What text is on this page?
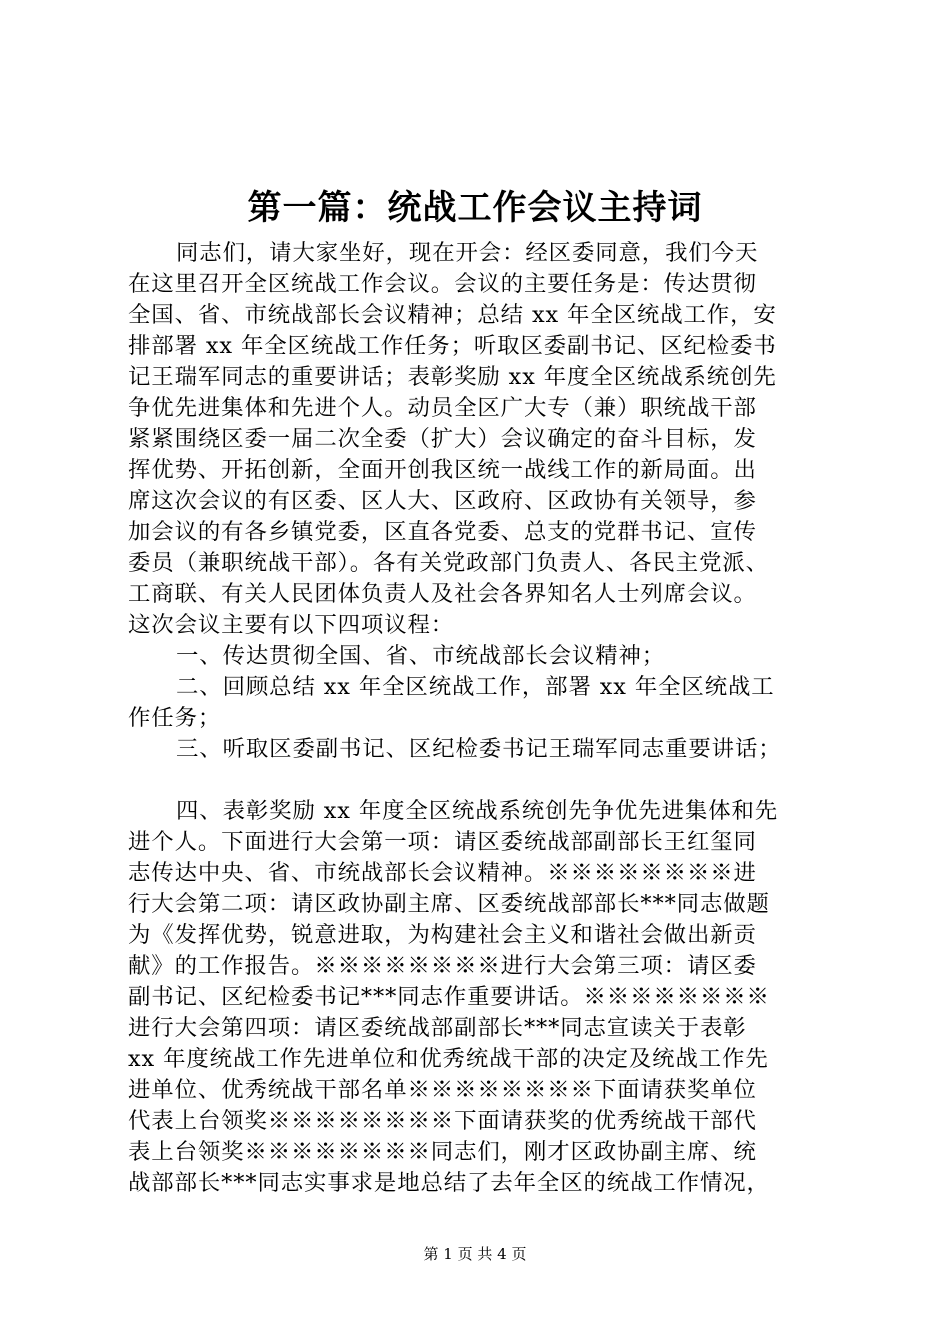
第一篇：统战工作会议主持词
同志们，请大家坐好，现在开会：经区委同意，我们今天
在这里召开全区统战工作会议。会议的主要任务是：传达贯彻
全国、省、市统战部长会议精神；总结 xx 年全区统战工作，安
排部署 xx 年全区统战工作任务；听取区委副书记、区纪检委书
记王瑞军同志的重要讲话；表彰奖励 xx 年度全区统战系统创先
争优先进集体和先进个人。动员全区广大专（兼）职统战干部
紧紧围绕区委一届二次全委（扩大）会议确定的奋斗目标，发
挥优势、开拓创新，全面开创我区统一战线工作的新局面。出
席这次会议的有区委、区人大、区政府、区政协有关领导，参
加会议的有各乡镇党委，区直各党委、总支的党群书记、宣传
委员（兼职统战干部）。各有关党政部门负责人、各民主党派、
工商联、有关人民团体负责人及社会各界知名人士列席会议。
这次会议主要有以下四项议程：
一、传达贯彻全国、省、市统战部长会议精神；
二、回顾总结 xx 年全区统战工作，部署 xx 年全区统战工
作任务；
三、听取区委副书记、区纪检委书记王瑞军同志重要讲话；
四、表彰奖励 xx 年度全区统战系统创先争优先进集体和先
进个人。下面进行大会第一项：请区委统战部副部长王红玺同
志传达中央、省、市统战部长会议精神。※※※※※※※※进
行大会第二项：请区政协副主席、区委统战部部长***同志做题
为《发挥优势，锐意进取，为构建社会主义和谐社会做出新贡
献》的工作报告。※※※※※※※※进行大会第三项：请区委
副书记、区纪检委书记***同志作重要讲话。※※※※※※※※
进行大会第四项：请区委统战部副部长***同志宣读关于表彰
xx 年度统战工作先进单位和优秀统战干部的决定及统战工作先
进单位、优秀统战干部名单※※※※※※※※下面请获奖单位
代表上台领奖※※※※※※※※下面请获奖的优秀统战干部代
表上台领奖※※※※※※※※同志们，刚才区政协副主席、统
战部部长***同志实事求是地总结了去年全区的统战工作情况，
第 1 页 共 4 页
